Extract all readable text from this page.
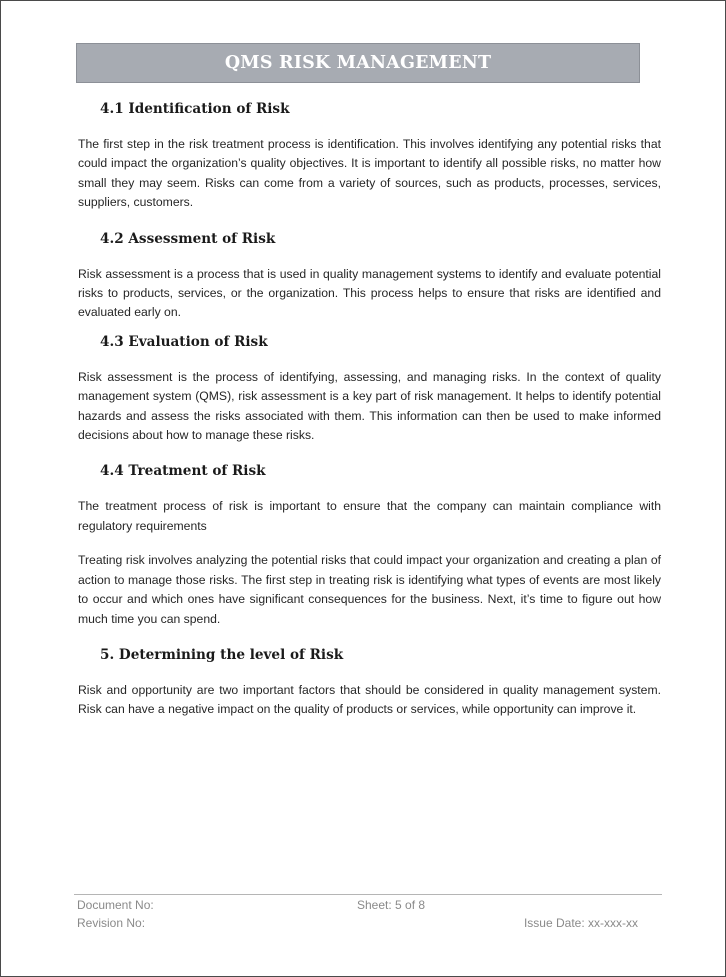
QMS RISK MANAGEMENT
4.1 Identification of Risk

The first step in the risk treatment process is identification. This involves identifying any potential risks that could impact the organization’s quality objectives. It is important to identify all possible risks, no matter how small they may seem. Risks can come from a variety of sources, such as products, processes, services, suppliers, customers.

4.2 Assessment of Risk

Risk assessment is a process that is used in quality management systems to identify and evaluate potential risks to products, services, or the organization. This process helps to ensure that risks are identified and evaluated early on.

4.3 Evaluation of Risk

Risk assessment is the process of identifying, assessing, and managing risks. In the context of quality management system (QMS), risk assessment is a key part of risk management. It helps to identify potential hazards and assess the risks associated with them. This information can then be used to make informed decisions about how to manage these risks.

4.4 Treatment of Risk

The treatment process of risk is important to ensure that the company can maintain compliance with regulatory requirements

Treating risk involves analyzing the potential risks that could impact your organization and creating a plan of action to manage those risks. The first step in treating risk is identifying what types of events are most likely to occur and which ones have significant consequences for the business. Next, it’s time to figure out how much time you can spend.

5. Determining the level of Risk

Risk and opportunity are two important factors that should be considered in quality management system. Risk can have a negative impact on the quality of products or services, while opportunity can improve it.

Document No:	Sheet: 5 of 8
Revision No:	Issue Date: xx-xxx-xx
